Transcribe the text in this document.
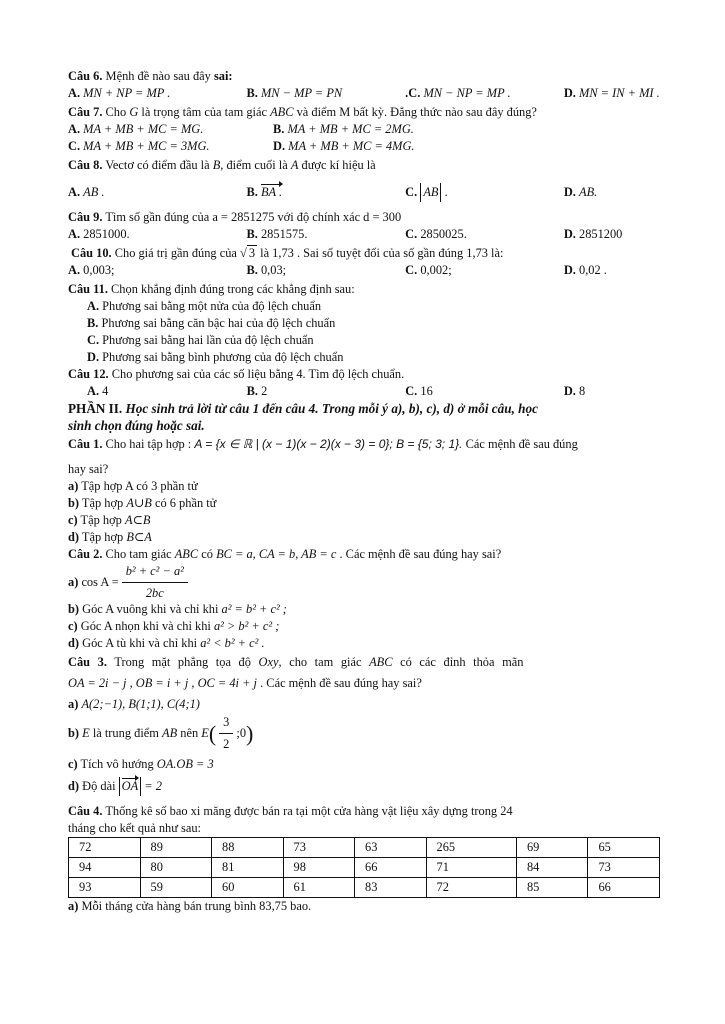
Câu 6. Mệnh đề nào sau đây sai:
A. MN + NP = MP .	B. MN − MP = PN	.C. MN − NP = MP .	D. MN = IN + MI .
Câu 7. Cho G là trọng tâm của tam giác ABC và điểm M bất kỳ. Đẳng thức nào sau đây đúng?
A. MA + MB + MC = MG.	B. MA + MB + MC = 2MG.
C. MA + MB + MC = 3MG.	D. MA + MB + MC = 4MG.
Câu 8. Vectơ có điểm đầu là B, điểm cuối là A được kí hiệu là
A. AB .	B. BA .	C. AB .	D. AB.
Câu 9. Tìm số gần đúng của a = 2851275 với độ chính xác d = 300
A. 2851000.	B. 2851575.	C. 2850025.	D. 2851200
Câu 10. Cho giá trị gần đúng của √ 3 là 1,73 . Sai số tuyệt đối của số gần đúng 1,73 là:
A. 0,003;	B. 0,03;	C. 0,002;	D. 0,02 .
Câu 11. Chọn khẳng định đúng trong các khẳng định sau:
A. Phương sai bằng một nửa của độ lệch chuẩn
B. Phương sai bằng căn bậc hai của độ lệch chuẩn
C. Phương sai bằng hai lần của độ lệch chuẩn
D. Phương sai bằng bình phương của độ lệch chuẩn
Câu 12. Cho phương sai của các số liệu bằng 4. Tìm độ lệch chuẩn.
A. 4	B. 2	C. 16	D. 8
PHẦN II. Học sinh trả lời từ câu 1 đến câu 4. Trong mỗi ý a), b), c), d) ở mỗi câu, học
sinh chọn đúng hoặc sai.
Câu 1. Cho hai tập hợp : A = {x ∈ ℝ | (x − 1)(x − 2)(x − 3) = 0}; B = {5; 3; 1}. Các mệnh đề sau đúng
hay sai?
a) Tập hợp A có 3 phần tử
b) Tập hợp A∪B có 6 phần tử
c) Tập hợp A⊂B
d) Tập hợp B⊂A
Câu 2. Cho tam giác ABC có BC = a, CA = b, AB = c . Các mệnh đề sau đúng hay sai?
a)
$\cos A = \frac{\text{b² + c² − a²}}{2bc}$
b) Góc A vuông khi và chỉ khi a² = b² + c² ;
c) Góc A nhọn khi và chỉ khi a² > b² + c² ;
d) Góc A tù khi và chỉ khi a² < b² + c² .
Câu 3. Trong mặt phẳng tọa độ Oxy, cho tam giác ABC có các đỉnh thỏa mãn
OA = 2i − j , OB = i + j , OC = 4i + j . Các mệnh đề sau đúng hay sai?
a) A(2;−1), B(1;1), C(4;1)
b)
E
là trung điểm
AB
nên
E ( $\frac{3}{2}$ ;0 )
c) Tích vô hướng OA.OB = 3
d) Độ dài OA = 2
Câu 4. Thống kê số bao xi măng được bán ra tại một cửa hàng vật liệu xây dựng trong 24
tháng cho kết quả như sau:
72	89	88	73	63	265	69	65
94	80	81	98	66	71	84	73
93	59	60	61	83	72	85	66
a) Mỗi tháng cửa hàng bán trung bình 83,75 bao.
